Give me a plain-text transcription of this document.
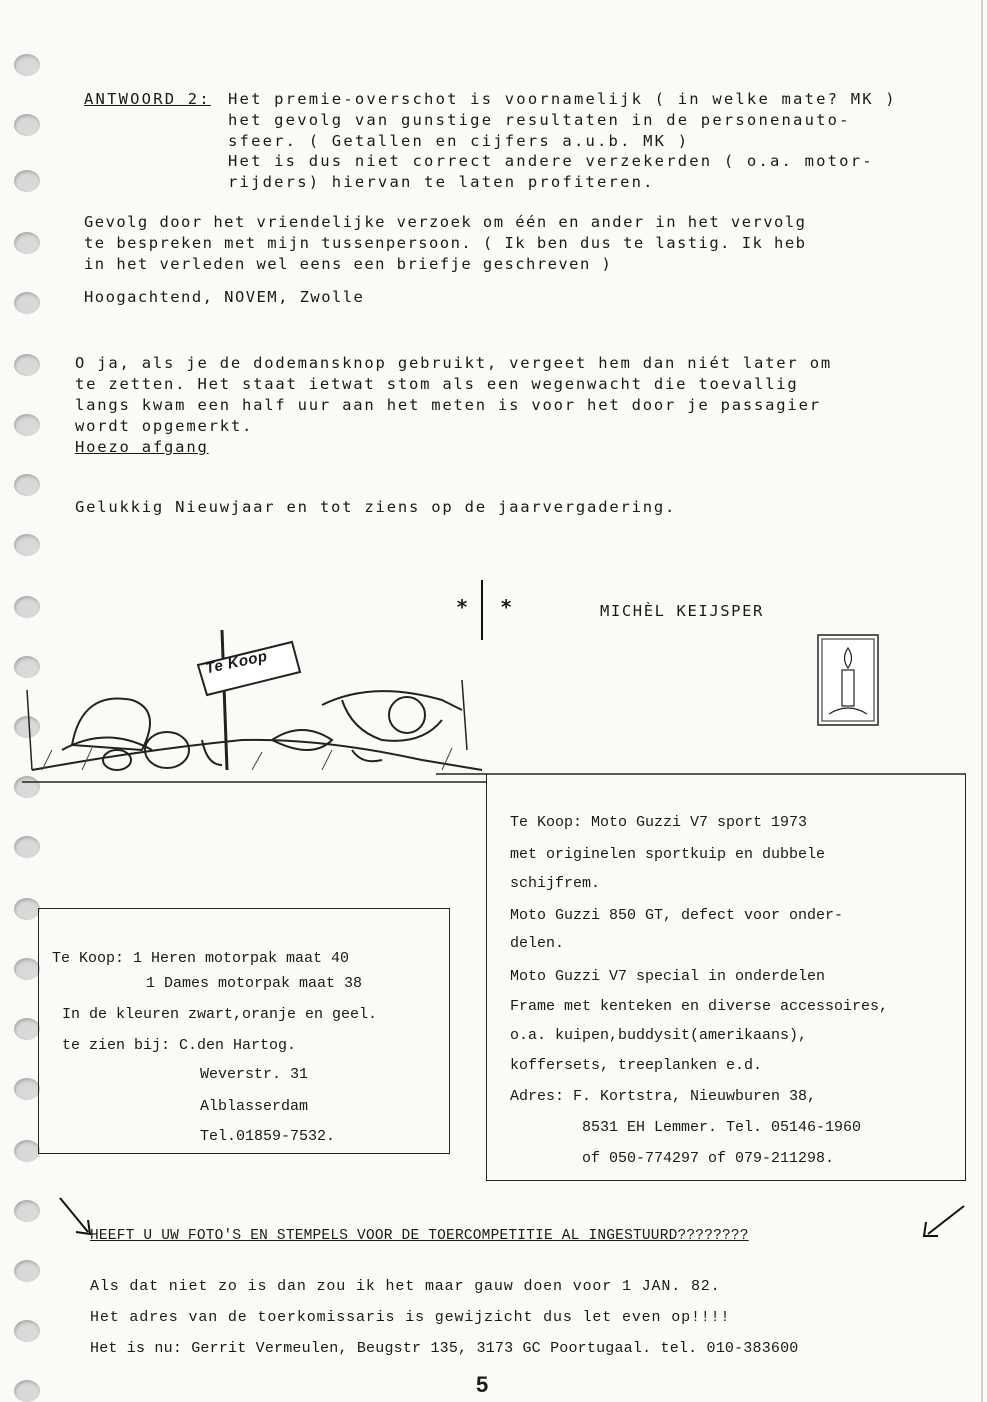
ANTWOORD 2: Het premie-overschot is voornamelijk ( in welke mate? MK )
het gevolg van gunstige resultaten in de personenauto-
sfeer. ( Getallen en cijfers a.u.b. MK )
Het is dus niet correct andere verzekerden ( o.a. motor-
rijders) hiervan te laten profiteren.
Gevolg door het vriendelijke verzoek om één en ander in het vervolg
te bespreken met mijn tussenpersoon. ( Ik ben dus te lastig. Ik heb
in het verleden wel eens een briefje geschreven )
Hoogachtend, NOVEM, Zwolle
O ja, als je de dodemansknop gebruikt, vergeet hem dan niét later om
te zetten. Het staat ietwat stom als een wegenwacht die toevallig
langs kwam een half uur aan het meten is voor het door je passagier
wordt opgemerkt.
Hoezo afgang
Gelukkig Nieuwjaar en tot ziens op de jaarvergadering.
* *	MICHÈL KEIJSPER
Te Koop
Te Koop: Moto Guzzi V7 sport 1973
met originelen sportkuip en dubbele
schijfrem.
Moto Guzzi 850 GT, defect voor onder-
delen.
Moto Guzzi V7 special in onderdelen
Frame met kenteken en diverse accessoires,
o.a. kuipen,buddysit(amerikaans),
koffersets, treeplanken e.d.
Adres: F. Kortstra, Nieuwburen 38,
8531 EH Lemmer. Tel. 05146-1960
of 050-774297 of 079-211298.
Te Koop: 1 Heren motorpak maat 40
1 Dames motorpak maat 38
In de kleuren zwart,oranje en geel.
te zien bij: C.den Hartog.
Weverstr. 31
Alblasserdam
Tel.01859-7532.
HEEFT U UW FOTO'S EN STEMPELS VOOR DE TOERCOMPETITIE AL INGESTUURD????????
Als dat niet zo is dan zou ik het maar gauw doen voor 1 JAN. 82.
Het adres van de toerkomissaris is gewijzicht dus let even op!!!!
Het is nu: Gerrit Vermeulen, Beugstr 135, 3173 GC Poortugaal. tel. 010-383600
5
